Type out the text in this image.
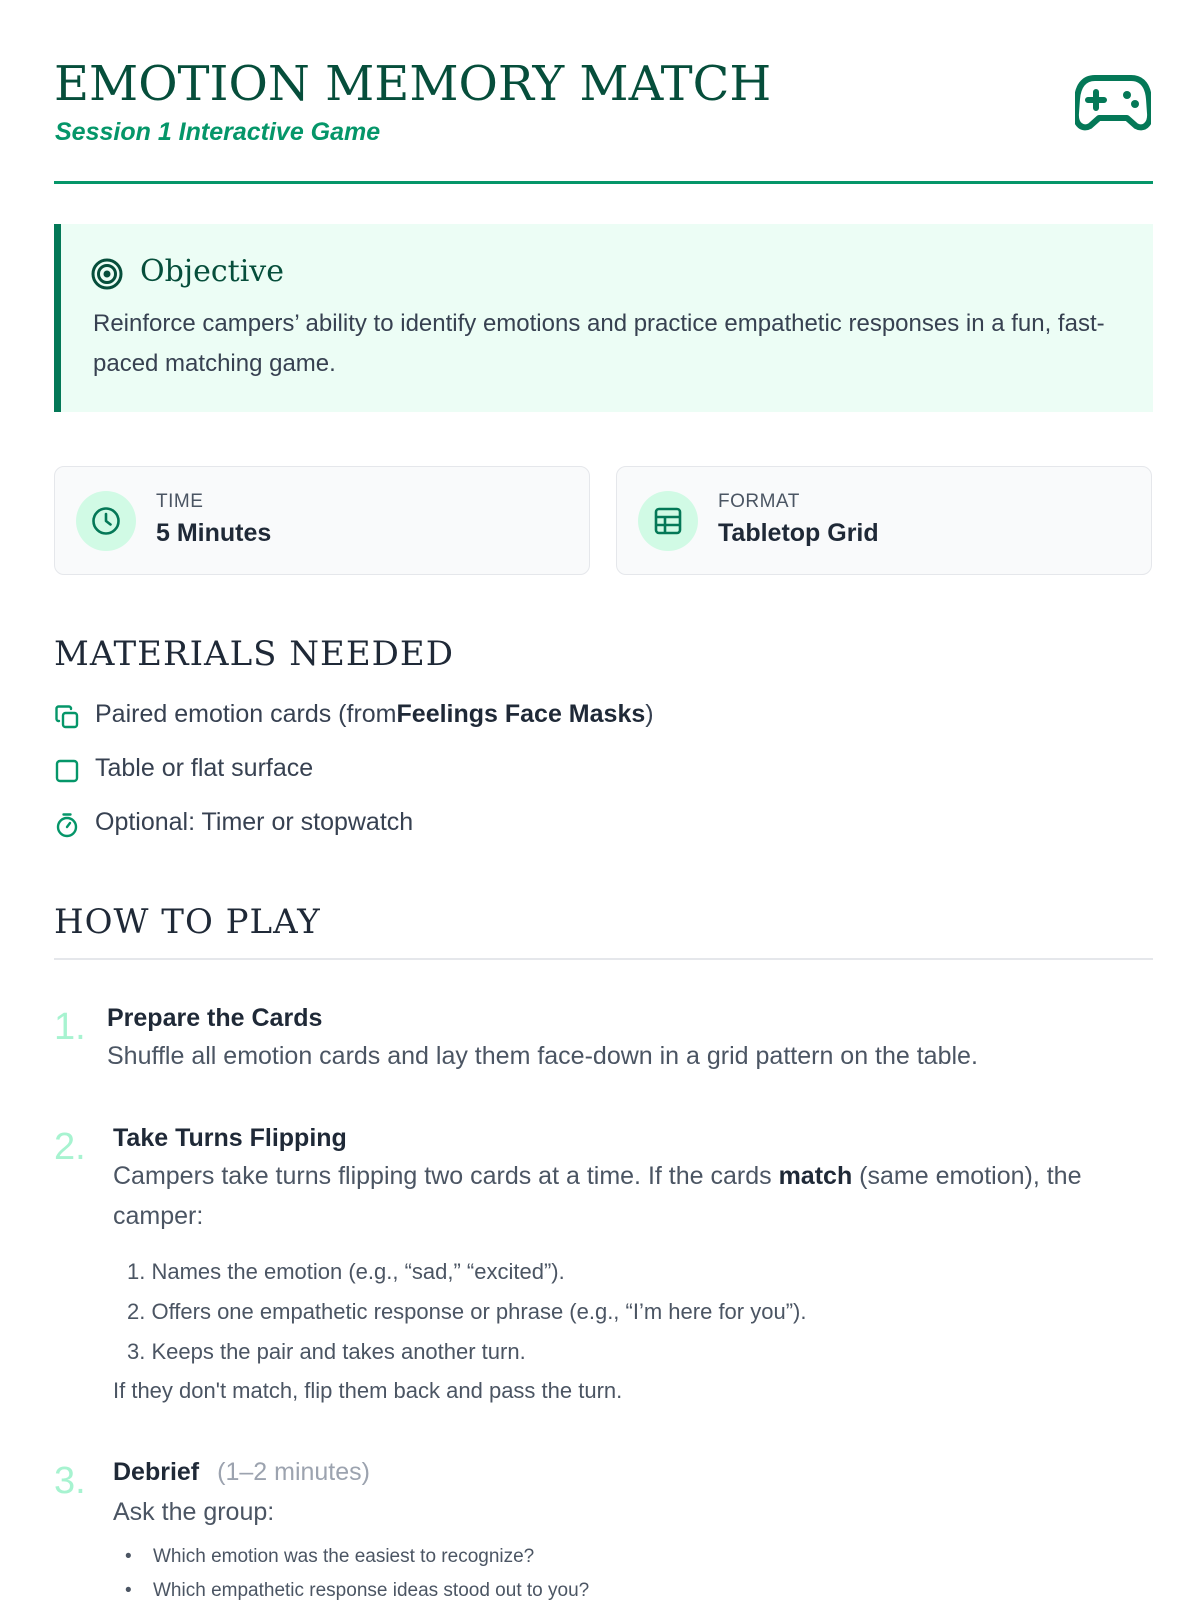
EMOTION MEMORY MATCH
Session 1 Interactive Game
Objective
Reinforce campers’ ability to identify emotions and practice empathetic responses in a fun, fast-paced matching game.
TIME
5 Minutes
FORMAT
Tabletop Grid
MATERIALS NEEDED
Paired emotion cards (fromFeelings Face Masks)
Table or flat surface
Optional: Timer or stopwatch
HOW TO PLAY
1. Prepare the Cards
Shuffle all emotion cards and lay them face-down in a grid pattern on the table.
2. Take Turns Flipping
Campers take turns flipping two cards at a time. If the cards match (same emotion), the camper:
1. Names the emotion (e.g., “sad,” “excited”).
2. Offers one empathetic response or phrase (e.g., “I’m here for you”).
3. Keeps the pair and takes another turn.
If they don't match, flip them back and pass the turn.
3. Debrief (1–2 minutes)
Ask the group:
• Which emotion was the easiest to recognize?
• Which empathetic response ideas stood out to you?
